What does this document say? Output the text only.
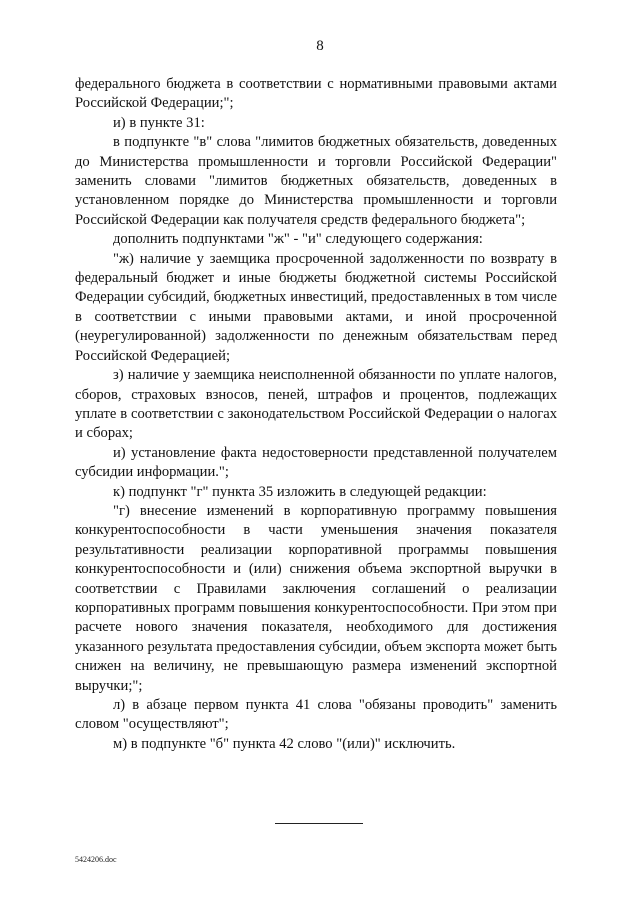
8

федерального бюджета в соответствии с нормативными правовыми актами Российской Федерации;";

и) в пункте 31:

в подпункте "в" слова "лимитов бюджетных обязательств, доведенных до Министерства промышленности и торговли Российской Федерации" заменить словами "лимитов бюджетных обязательств, доведенных в установленном порядке до Министерства промышленности и торговли Российской Федерации как получателя средств федерального бюджета";

дополнить подпунктами "ж" - "и" следующего содержания:

"ж) наличие у заемщика просроченной задолженности по возврату в федеральный бюджет и иные бюджеты бюджетной системы Российской Федерации субсидий, бюджетных инвестиций, предоставленных в том числе в соответствии с иными правовыми актами, и иной просроченной (неурегулированной) задолженности по денежным обязательствам перед Российской Федерацией;

з) наличие у заемщика неисполненной обязанности по уплате налогов, сборов, страховых взносов, пеней, штрафов и процентов, подлежащих уплате в соответствии с законодательством Российской Федерации о налогах и сборах;

и) установление факта недостоверности представленной получателем субсидии информации.";

к) подпункт "г" пункта 35 изложить в следующей редакции:

"г) внесение изменений в корпоративную программу повышения конкурентоспособности в части уменьшения значения показателя результативности реализации корпоративной программы повышения конкурентоспособности и (или) снижения объема экспортной выручки в соответствии с Правилами заключения соглашений о реализации корпоративных программ повышения конкурентоспособности. При этом при расчете нового значения показателя, необходимого для достижения указанного результата предоставления субсидии, объем экспорта может быть снижен на величину, не превышающую размера изменений экспортной выручки;";

л) в абзаце первом пункта 41 слова "обязаны проводить" заменить словом "осуществляют";

м) в подпункте "б" пункта 42 слово "(или)" исключить.

5424206.doc
